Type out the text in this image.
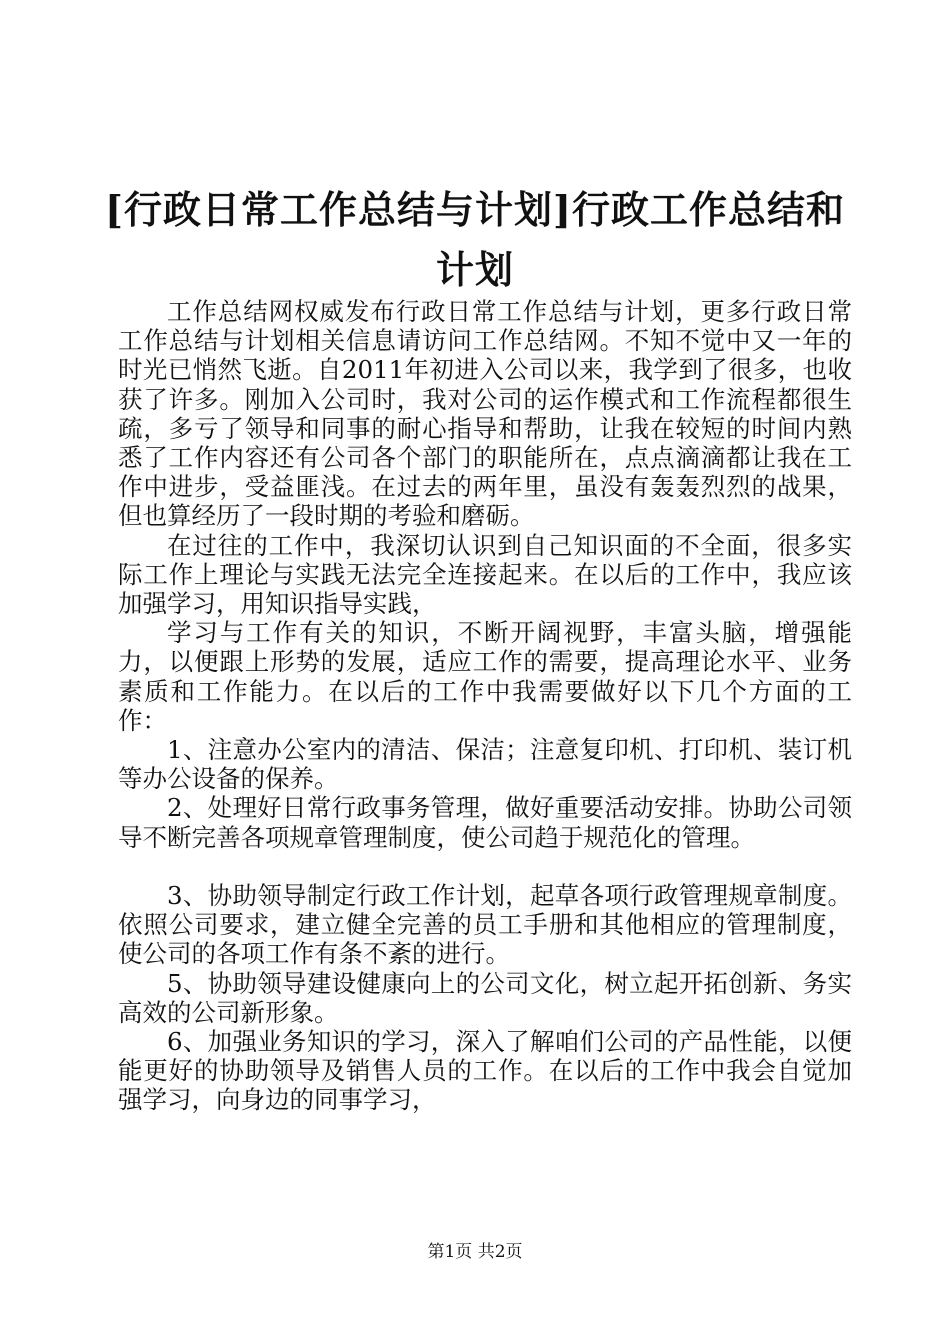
[行政日常工作总结与计划]行政工作总结和计划

工作总结网权威发布行政日常工作总结与计划，更多行政日常工作总结与计划相关信息请访问工作总结网。不知不觉中又一年的时光已悄然飞逝。自2011年初进入公司以来，我学到了很多，也收获了许多。刚加入公司时，我对公司的运作模式和工作流程都很生疏，多亏了领导和同事的耐心指导和帮助，让我在较短的时间内熟悉了工作内容还有公司各个部门的职能所在，点点滴滴都让我在工作中进步，受益匪浅。在过去的两年里，虽没有轰轰烈烈的战果，但也算经历了一段时期的考验和磨砺。

在过往的工作中，我深切认识到自己知识面的不全面，很多实际工作上理论与实践无法完全连接起来。在以后的工作中，我应该加强学习，用知识指导实践，

学习与工作有关的知识，不断开阔视野，丰富头脑，增强能力，以便跟上形势的发展，适应工作的需要，提高理论水平、业务素质和工作能力。在以后的工作中我需要做好以下几个方面的工作：

1、注意办公室内的清洁、保洁；注意复印机、打印机、装订机等办公设备的保养。

2、处理好日常行政事务管理，做好重要活动安排。协助公司领导不断完善各项规章管理制度，使公司趋于规范化的管理。

3、协助领导制定行政工作计划，起草各项行政管理规章制度。依照公司要求，建立健全完善的员工手册和其他相应的管理制度，使公司的各项工作有条不紊的进行。

5、协助领导建设健康向上的公司文化，树立起开拓创新、务实高效的公司新形象。

6、加强业务知识的学习，深入了解咱们公司的产品性能，以便能更好的协助领导及销售人员的工作。在以后的工作中我会自觉加强学习，向身边的同事学习，

第1页 共2页
